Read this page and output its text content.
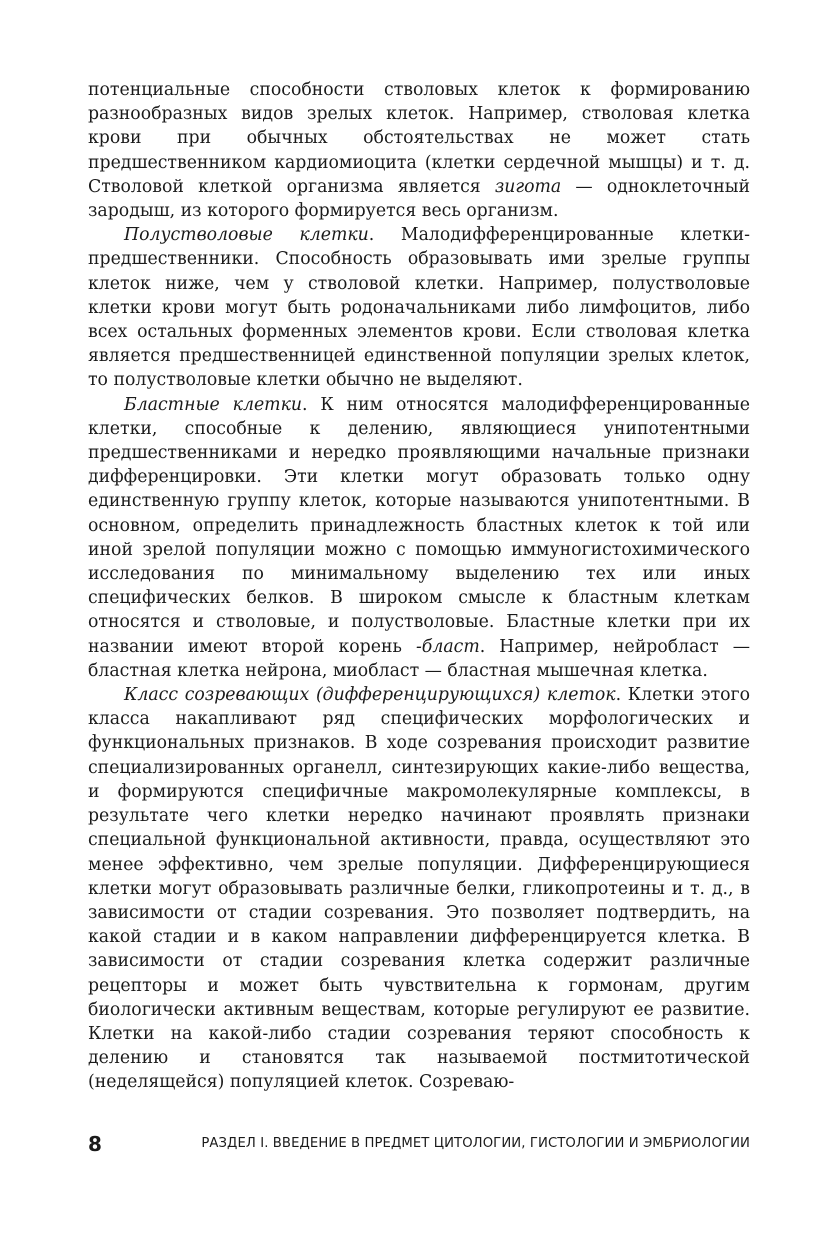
потенциальные способности стволовых клеток к формированию разнообразных видов зрелых клеток. Например, стволовая клетка крови при обычных обстоятельствах не может стать предшественником кардиомиоцита (клетки сердечной мышцы) и т. д. Стволовой клеткой организма является зигота — одноклеточный зародыш, из которого формируется весь организм.

Полустволовые клетки. Малодифференцированные клетки-предшественники. Способность образовывать ими зрелые группы клеток ниже, чем у стволовой клетки. Например, полустволовые клетки крови могут быть родоначальниками либо лимфоцитов, либо всех остальных форменных элементов крови. Если стволовая клетка является предшественницей единственной популяции зрелых клеток, то полустволовые клетки обычно не выделяют.

Бластные клетки. К ним относятся малодифференцированные клетки, способные к делению, являющиеся унипотентными предшественниками и нередко проявляющими начальные признаки дифференцировки. Эти клетки могут образовать только одну единственную группу клеток, которые называются унипотентными. В основном, определить принадлежность бластных клеток к той или иной зрелой популяции можно с помощью иммуногистохимического исследования по минимальному выделению тех или иных специфических белков. В широком смысле к бластным клеткам относятся и стволовые, и полустволовые. Бластные клетки при их названии имеют второй корень -бласт. Например, нейробласт — бластная клетка нейрона, миобласт — бластная мышечная клетка.

Класс созревающих (дифференцирующихся) клеток. Клетки этого класса накапливают ряд специфических морфологических и функциональных признаков. В ходе созревания происходит развитие специализированных органелл, синтезирующих какие-либо вещества, и формируются специфичные макромолекулярные комплексы, в результате чего клетки нередко начинают проявлять признаки специальной функциональной активности, правда, осуществляют это менее эффективно, чем зрелые популяции. Дифференцирующиеся клетки могут образовывать различные белки, гликопротеины и т. д., в зависимости от стадии созревания. Это позволяет подтвердить, на какой стадии и в каком направлении дифференцируется клетка. В зависимости от стадии созревания клетка содержит различные рецепторы и может быть чувствительна к гормонам, другим биологически активным веществам, которые регулируют ее развитие. Клетки на какой-либо стадии созревания теряют способность к делению и становятся так называемой постмитотической (неделящейся) популяцией клеток. Созреваю-

8	РАЗДЕЛ I. ВВЕДЕНИЕ В ПРЕДМЕТ ЦИТОЛОГИИ, ГИСТОЛОГИИ И ЭМБРИОЛОГИИ
